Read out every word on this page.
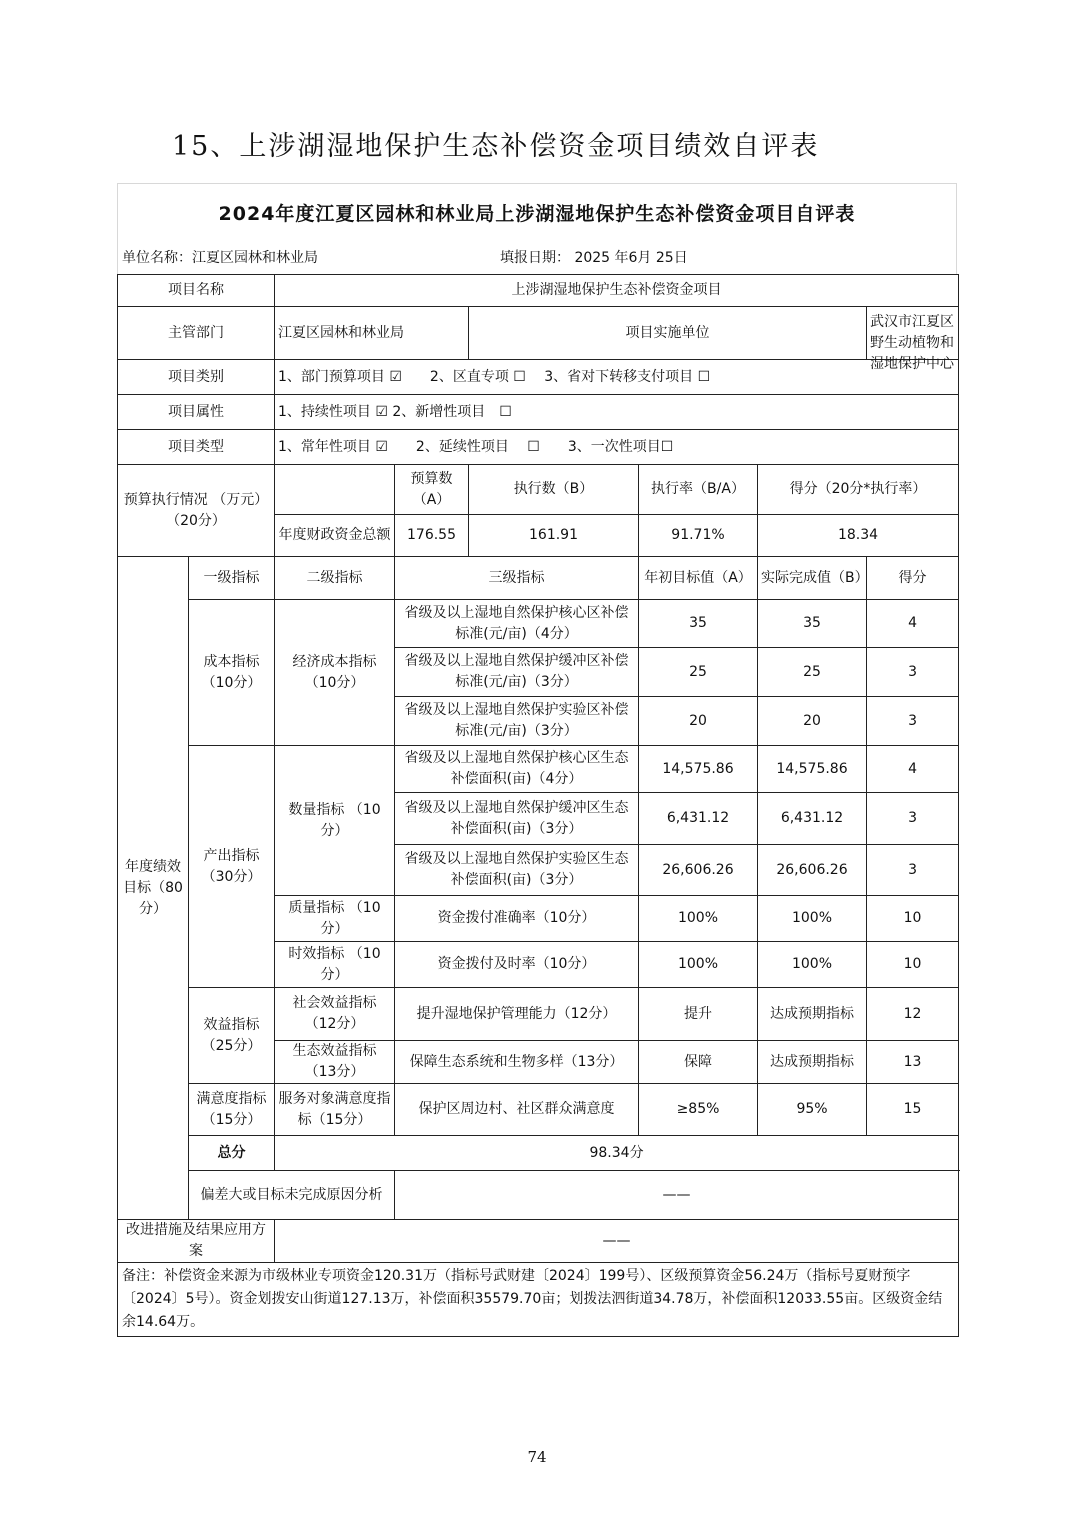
15、上涉湖湿地保护生态补偿资金项目绩效自评表
2024年度江夏区园林和林业局上涉湖湿地保护生态补偿资金项目自评表
单位名称：江夏区园林和林业局	填报日期： 2025 年6月 25日
项目名称		上涉湖湿地保护生态补偿资金项目					
主管部门		江夏区园林和林业局		项目实施单位			武汉市江夏区野生动植物和湿地保护中心

项目类别		1、部门预算项目 ☑　　2、区直专项 ☐　 3、省对下转移支付项目 ☐					
项目属性		1、持续性项目 ☑ 2、新增性项目　☐					
项目类型		1、常年性项目 ☑　　2、延续性项目　 ☐　　3、一次性项目☐					
预算执行情况 （万元）（20分）			预算数（A）	执行数（B）	执行率（B/A）	得分（20分*执行率）	
		年度财政资金总额	176.55	161.91	91.71%	18.34	
年度绩效目标（80分）	一级指标	二级指标	三级指标		年初目标值（A）	实际完成值（B）	得分
	成本指标（10分）	经济成本指标（10分）	省级及以上湿地自然保护核心区补偿标准(元/亩)（4分）		35	35	4
			省级及以上湿地自然保护缓冲区补偿标准(元/亩)（3分）		25	25	3
			省级及以上湿地自然保护实验区补偿标准(元/亩)（3分）		20	20	3
	产出指标（30分）	数量指标 （10分）	省级及以上湿地自然保护核心区生态补偿面积(亩)（4分）		14,575.86	14,575.86	4
			省级及以上湿地自然保护缓冲区生态补偿面积(亩)（3分）		6,431.12	6,431.12	3
			省级及以上湿地自然保护实验区生态补偿面积(亩)（3分）		26,606.26	26,606.26	3
		质量指标 （10分）	资金拨付准确率（10分）		100%	100%	10
		时效指标 （10分）	资金拨付及时率（10分）		100%	100%	10
	效益指标（25分）	社会效益指标（12分）	提升湿地保护管理能力（12分）		提升	达成预期指标	12
		生态效益指标（13分）	保障生态系统和生物多样（13分）		保障	达成预期指标	13
	满意度指标（15分）	服务对象满意度指标（15分）	保护区周边村、社区群众满意度		≥85%	95%	15
	总分	98.34分					
	偏差大或目标未完成原因分析		——				
改进措施及结果应用方案		——					
备注：补偿资金来源为市级林业专项资金120.31万（指标号武财建〔2024〕199号）、区级预算资金56.24万（指标号夏财预字〔2024〕5号）。资金划拨安山街道127.13万，补偿面积35579.70亩；划拨法泗街道34.78万，补偿面积12033.55亩。区级资金结余14.64万。							
74
